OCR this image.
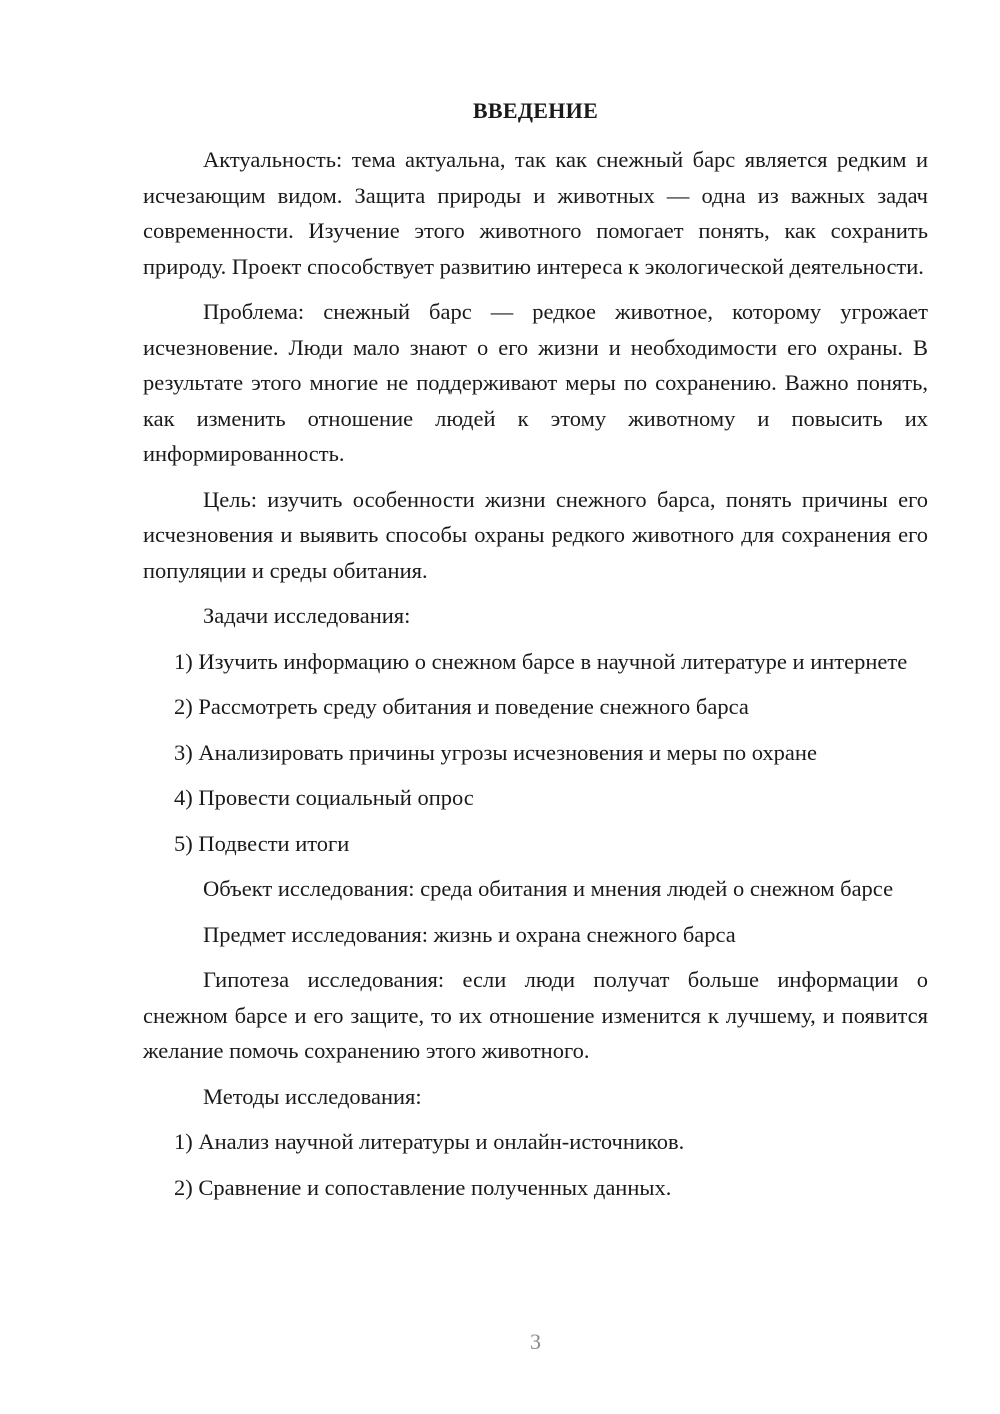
ВВЕДЕНИЕ

Актуальность: тема актуальна, так как снежный барс является редким и исчезающим видом. Защита природы и животных — одна из важных задач современности. Изучение этого животного помогает понять, как сохранить природу. Проект способствует развитию интереса к экологической деятельности.

Проблема: снежный барс — редкое животное, которому угрожает исчезновение. Люди мало знают о его жизни и необходимости его охраны. В результате этого многие не поддерживают меры по сохранению. Важно понять, как изменить отношение людей к этому животному и повысить их информированность.

Цель: изучить особенности жизни снежного барса, понять причины его исчезновения и выявить способы охраны редкого животного для сохранения его популяции и среды обитания.

Задачи исследования:

1) Изучить информацию о снежном барсе в научной литературе и интернете

2) Рассмотреть среду обитания и поведение снежного барса

3) Анализировать причины угрозы исчезновения и меры по охране

4) Провести социальный опрос

5) Подвести итоги

Объект исследования: среда обитания и мнения людей о снежном барсе

Предмет исследования: жизнь и охрана снежного барса

Гипотеза исследования: если люди получат больше информации о снежном барсе и его защите, то их отношение изменится к лучшему, и появится желание помочь сохранению этого животного.

Методы исследования:

1) Анализ научной литературы и онлайн-источников.

2) Сравнение и сопоставление полученных данных.

3
